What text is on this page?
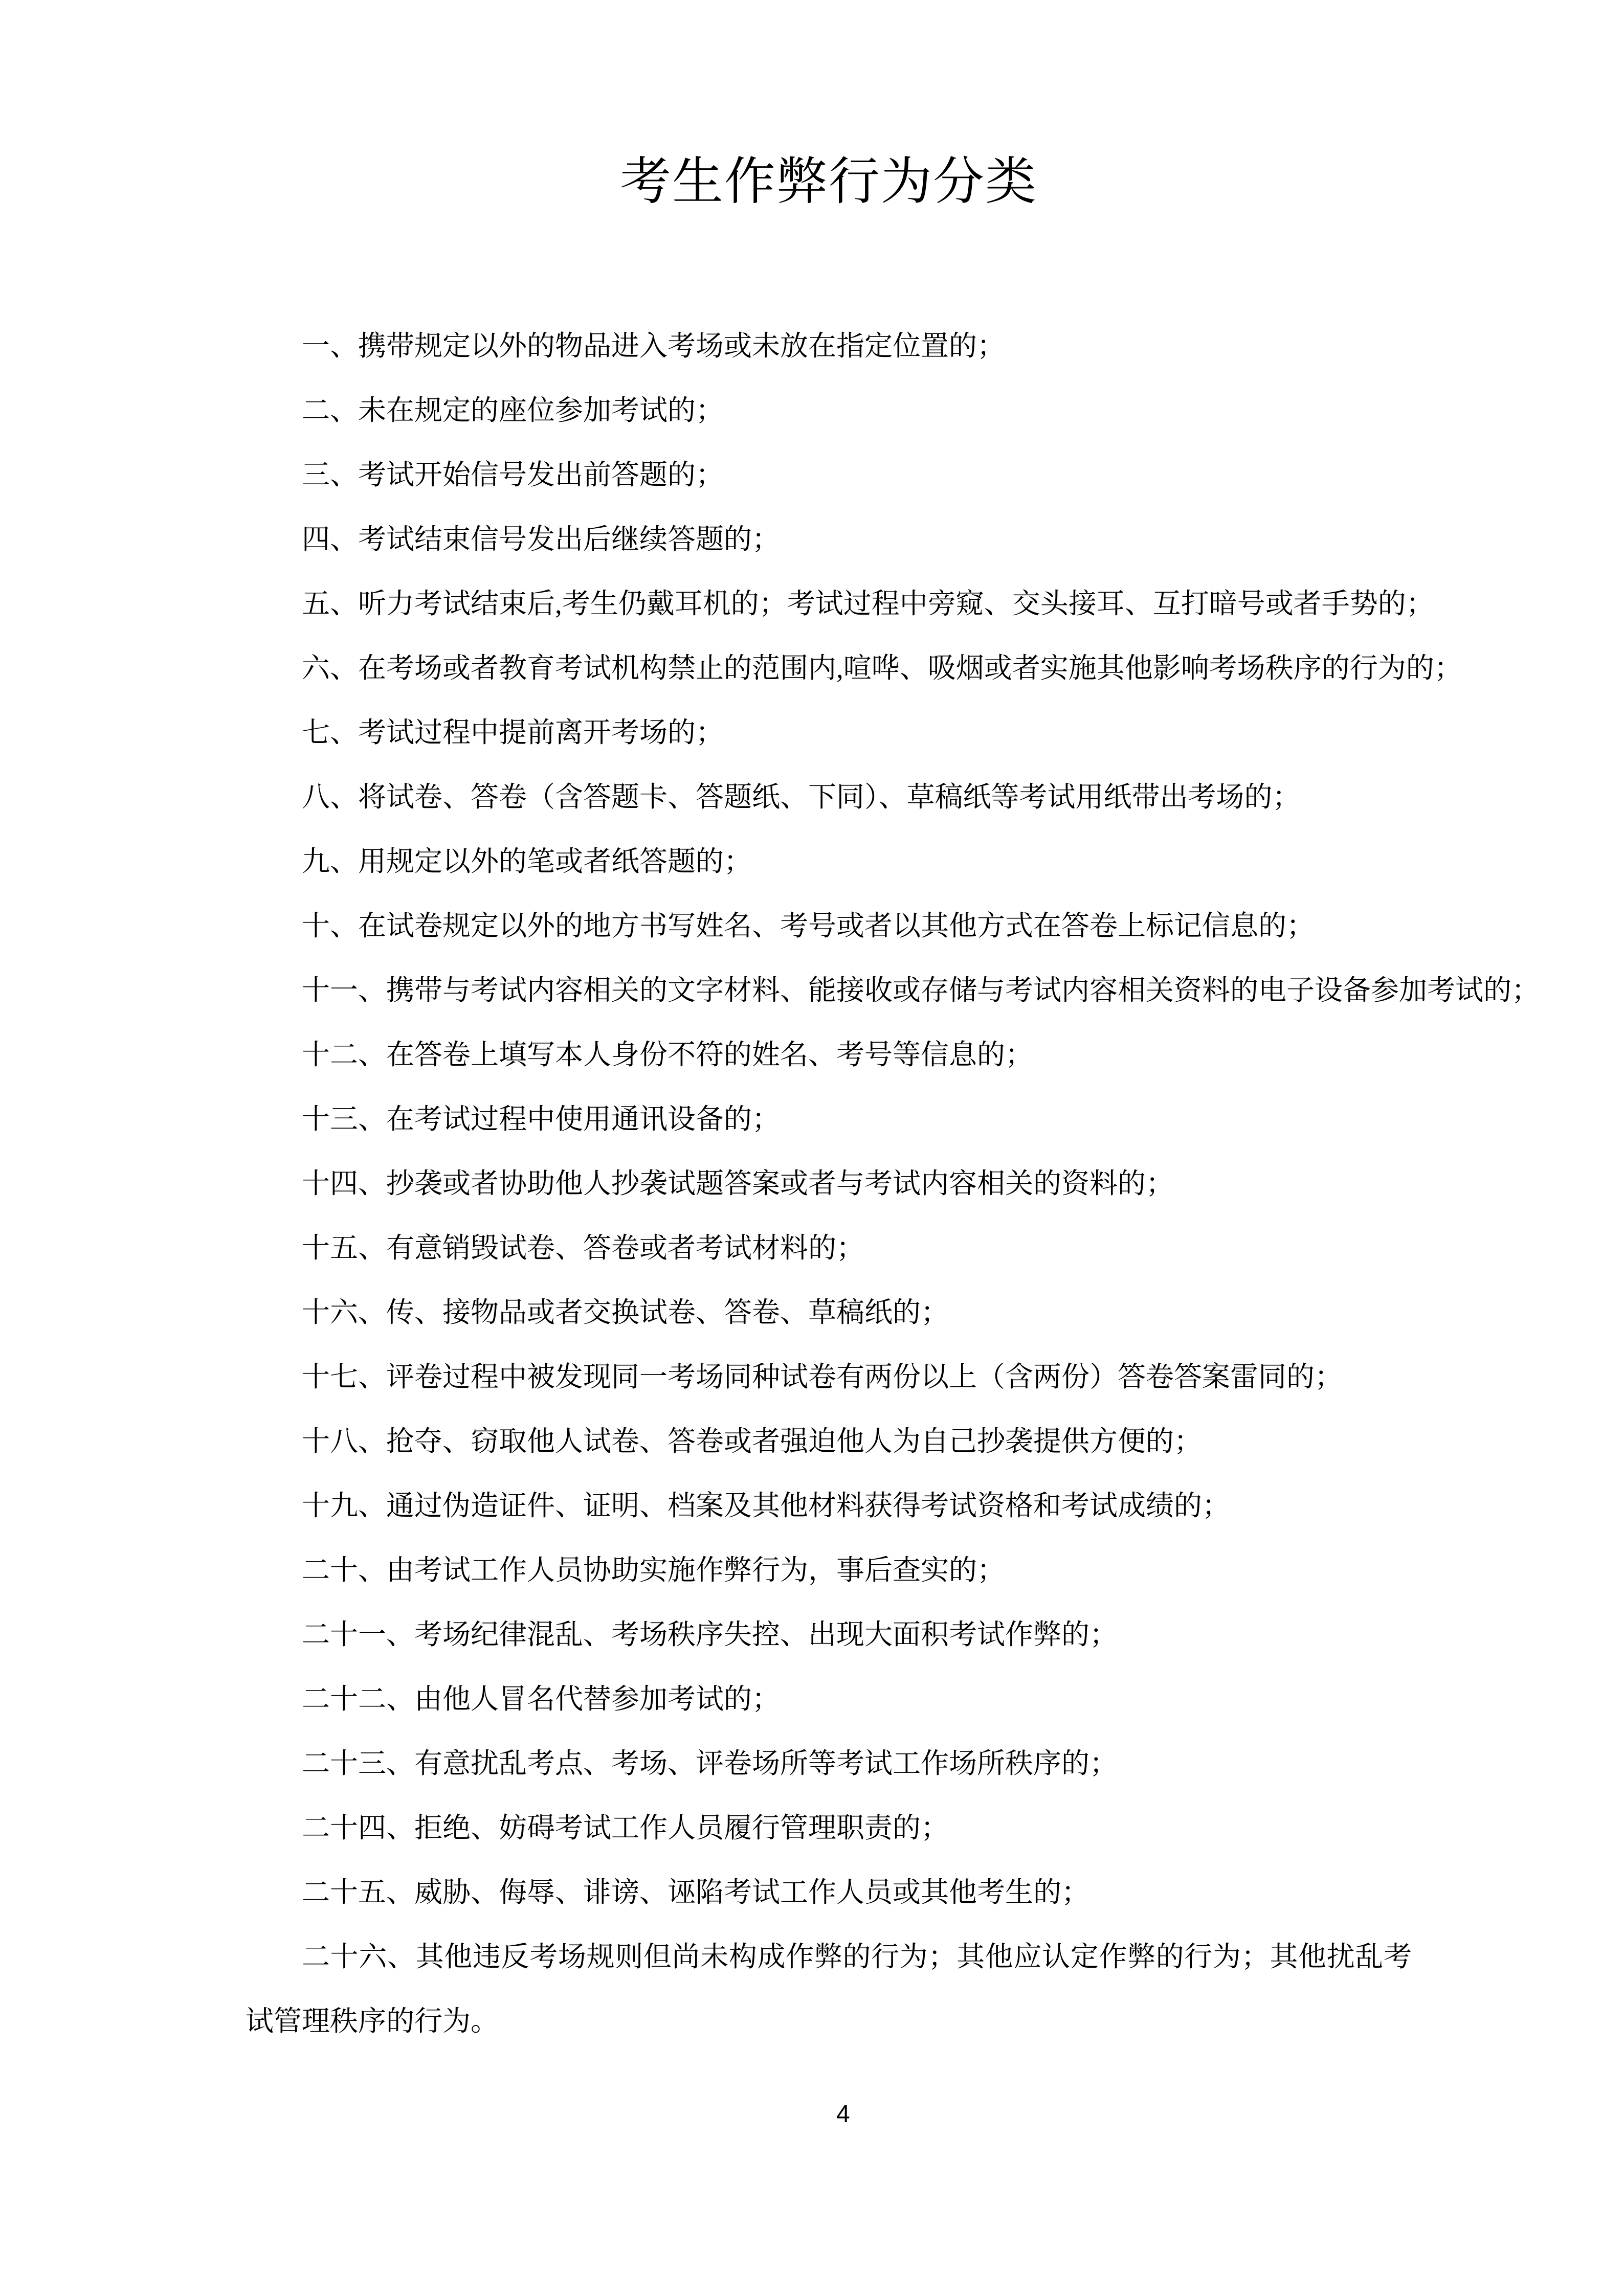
考生作弊行为分类

一、携带规定以外的物品进入考场或未放在指定位置的；

二、未在规定的座位参加考试的；

三、考试开始信号发出前答题的；

四、考试结束信号发出后继续答题的；

五、听力考试结束后,考生仍戴耳机的；考试过程中旁窥、交头接耳、互打暗号或者手势的；

六、在考场或者教育考试机构禁止的范围内,喧哗、吸烟或者实施其他影响考场秩序的行为的；

七、考试过程中提前离开考场的；

八、将试卷、答卷（含答题卡、答题纸、下同）、草稿纸等考试用纸带出考场的；

九、用规定以外的笔或者纸答题的；

十、在试卷规定以外的地方书写姓名、考号或者以其他方式在答卷上标记信息的；

十一、携带与考试内容相关的文字材料、能接收或存储与考试内容相关资料的电子设备参加考试的；

十二、在答卷上填写本人身份不符的姓名、考号等信息的；

十三、在考试过程中使用通讯设备的；

十四、抄袭或者协助他人抄袭试题答案或者与考试内容相关的资料的；

十五、有意销毁试卷、答卷或者考试材料的；

十六、传、接物品或者交换试卷、答卷、草稿纸的；

十七、评卷过程中被发现同一考场同种试卷有两份以上（含两份）答卷答案雷同的；

十八、抢夺、窃取他人试卷、答卷或者强迫他人为自己抄袭提供方便的；

十九、通过伪造证件、证明、档案及其他材料获得考试资格和考试成绩的；

二十、由考试工作人员协助实施作弊行为，事后查实的；

二十一、考场纪律混乱、考场秩序失控、出现大面积考试作弊的；

二十二、由他人冒名代替参加考试的；

二十三、有意扰乱考点、考场、评卷场所等考试工作场所秩序的；

二十四、拒绝、妨碍考试工作人员履行管理职责的；

二十五、威胁、侮辱、诽谤、诬陷考试工作人员或其他考生的；

二十六、其他违反考场规则但尚未构成作弊的行为；其他应认定作弊的行为；其他扰乱考试管理秩序的行为。

4
